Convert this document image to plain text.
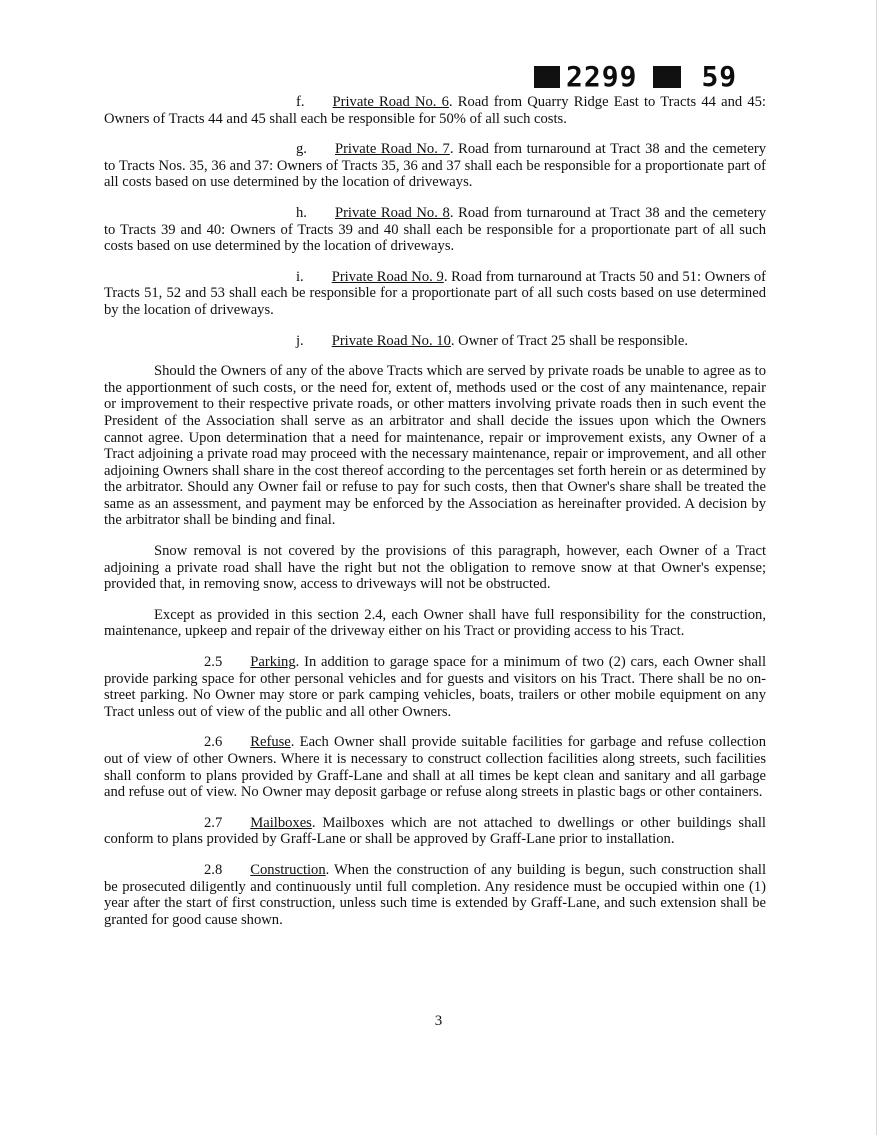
2299 59

f. Private Road No. 6. Road from Quarry Ridge East to Tracts 44 and 45: Owners of Tracts 44 and 45 shall each be responsible for 50% of all such costs.

g. Private Road No. 7. Road from turnaround at Tract 38 and the cemetery to Tracts Nos. 35, 36 and 37: Owners of Tracts 35, 36 and 37 shall each be responsible for a proportionate part of all costs based on use determined by the location of driveways.

h. Private Road No. 8. Road from turnaround at Tract 38 and the cemetery to Tracts 39 and 40: Owners of Tracts 39 and 40 shall each be responsible for a proportionate part of all such costs based on use determined by the location of driveways.

i. Private Road No. 9. Road from turnaround at Tracts 50 and 51: Owners of Tracts 51, 52 and 53 shall each be responsible for a proportionate part of all such costs based on use determined by the location of driveways.

j. Private Road No. 10. Owner of Tract 25 shall be responsible.

Should the Owners of any of the above Tracts which are served by private roads be unable to agree as to the apportionment of such costs, or the need for, extent of, methods used or the cost of any maintenance, repair or improvement to their respective private roads, or other matters involving private roads then in such event the President of the Association shall serve as an arbitrator and shall decide the issues upon which the Owners cannot agree. Upon determination that a need for maintenance, repair or improvement exists, any Owner of a Tract adjoining a private road may proceed with the necessary maintenance, repair or improvement, and all other adjoining Owners shall share in the cost thereof according to the percentages set forth herein or as determined by the arbitrator. Should any Owner fail or refuse to pay for such costs, then that Owner's share shall be treated the same as an assessment, and payment may be enforced by the Association as hereinafter provided. A decision by the arbitrator shall be binding and final.

Snow removal is not covered by the provisions of this paragraph, however, each Owner of a Tract adjoining a private road shall have the right but not the obligation to remove snow at that Owner's expense; provided that, in removing snow, access to driveways will not be obstructed.

Except as provided in this section 2.4, each Owner shall have full responsibility for the construction, maintenance, upkeep and repair of the driveway either on his Tract or providing access to his Tract.

2.5 Parking. In addition to garage space for a minimum of two (2) cars, each Owner shall provide parking space for other personal vehicles and for guests and visitors on his Tract. There shall be no on-street parking. No Owner may store or park camping vehicles, boats, trailers or other mobile equipment on any Tract unless out of view of the public and all other Owners.

2.6 Refuse. Each Owner shall provide suitable facilities for garbage and refuse collection out of view of other Owners. Where it is necessary to construct collection facilities along streets, such facilities shall conform to plans provided by Graff-Lane and shall at all times be kept clean and sanitary and all garbage and refuse out of view. No Owner may deposit garbage or refuse along streets in plastic bags or other containers.

2.7 Mailboxes. Mailboxes which are not attached to dwellings or other buildings shall conform to plans provided by Graff-Lane or shall be approved by Graff-Lane prior to installation.

2.8 Construction. When the construction of any building is begun, such construction shall be prosecuted diligently and continuously until full completion. Any residence must be occupied within one (1) year after the start of first construction, unless such time is extended by Graff-Lane, and such extension shall be granted for good cause shown.

3
